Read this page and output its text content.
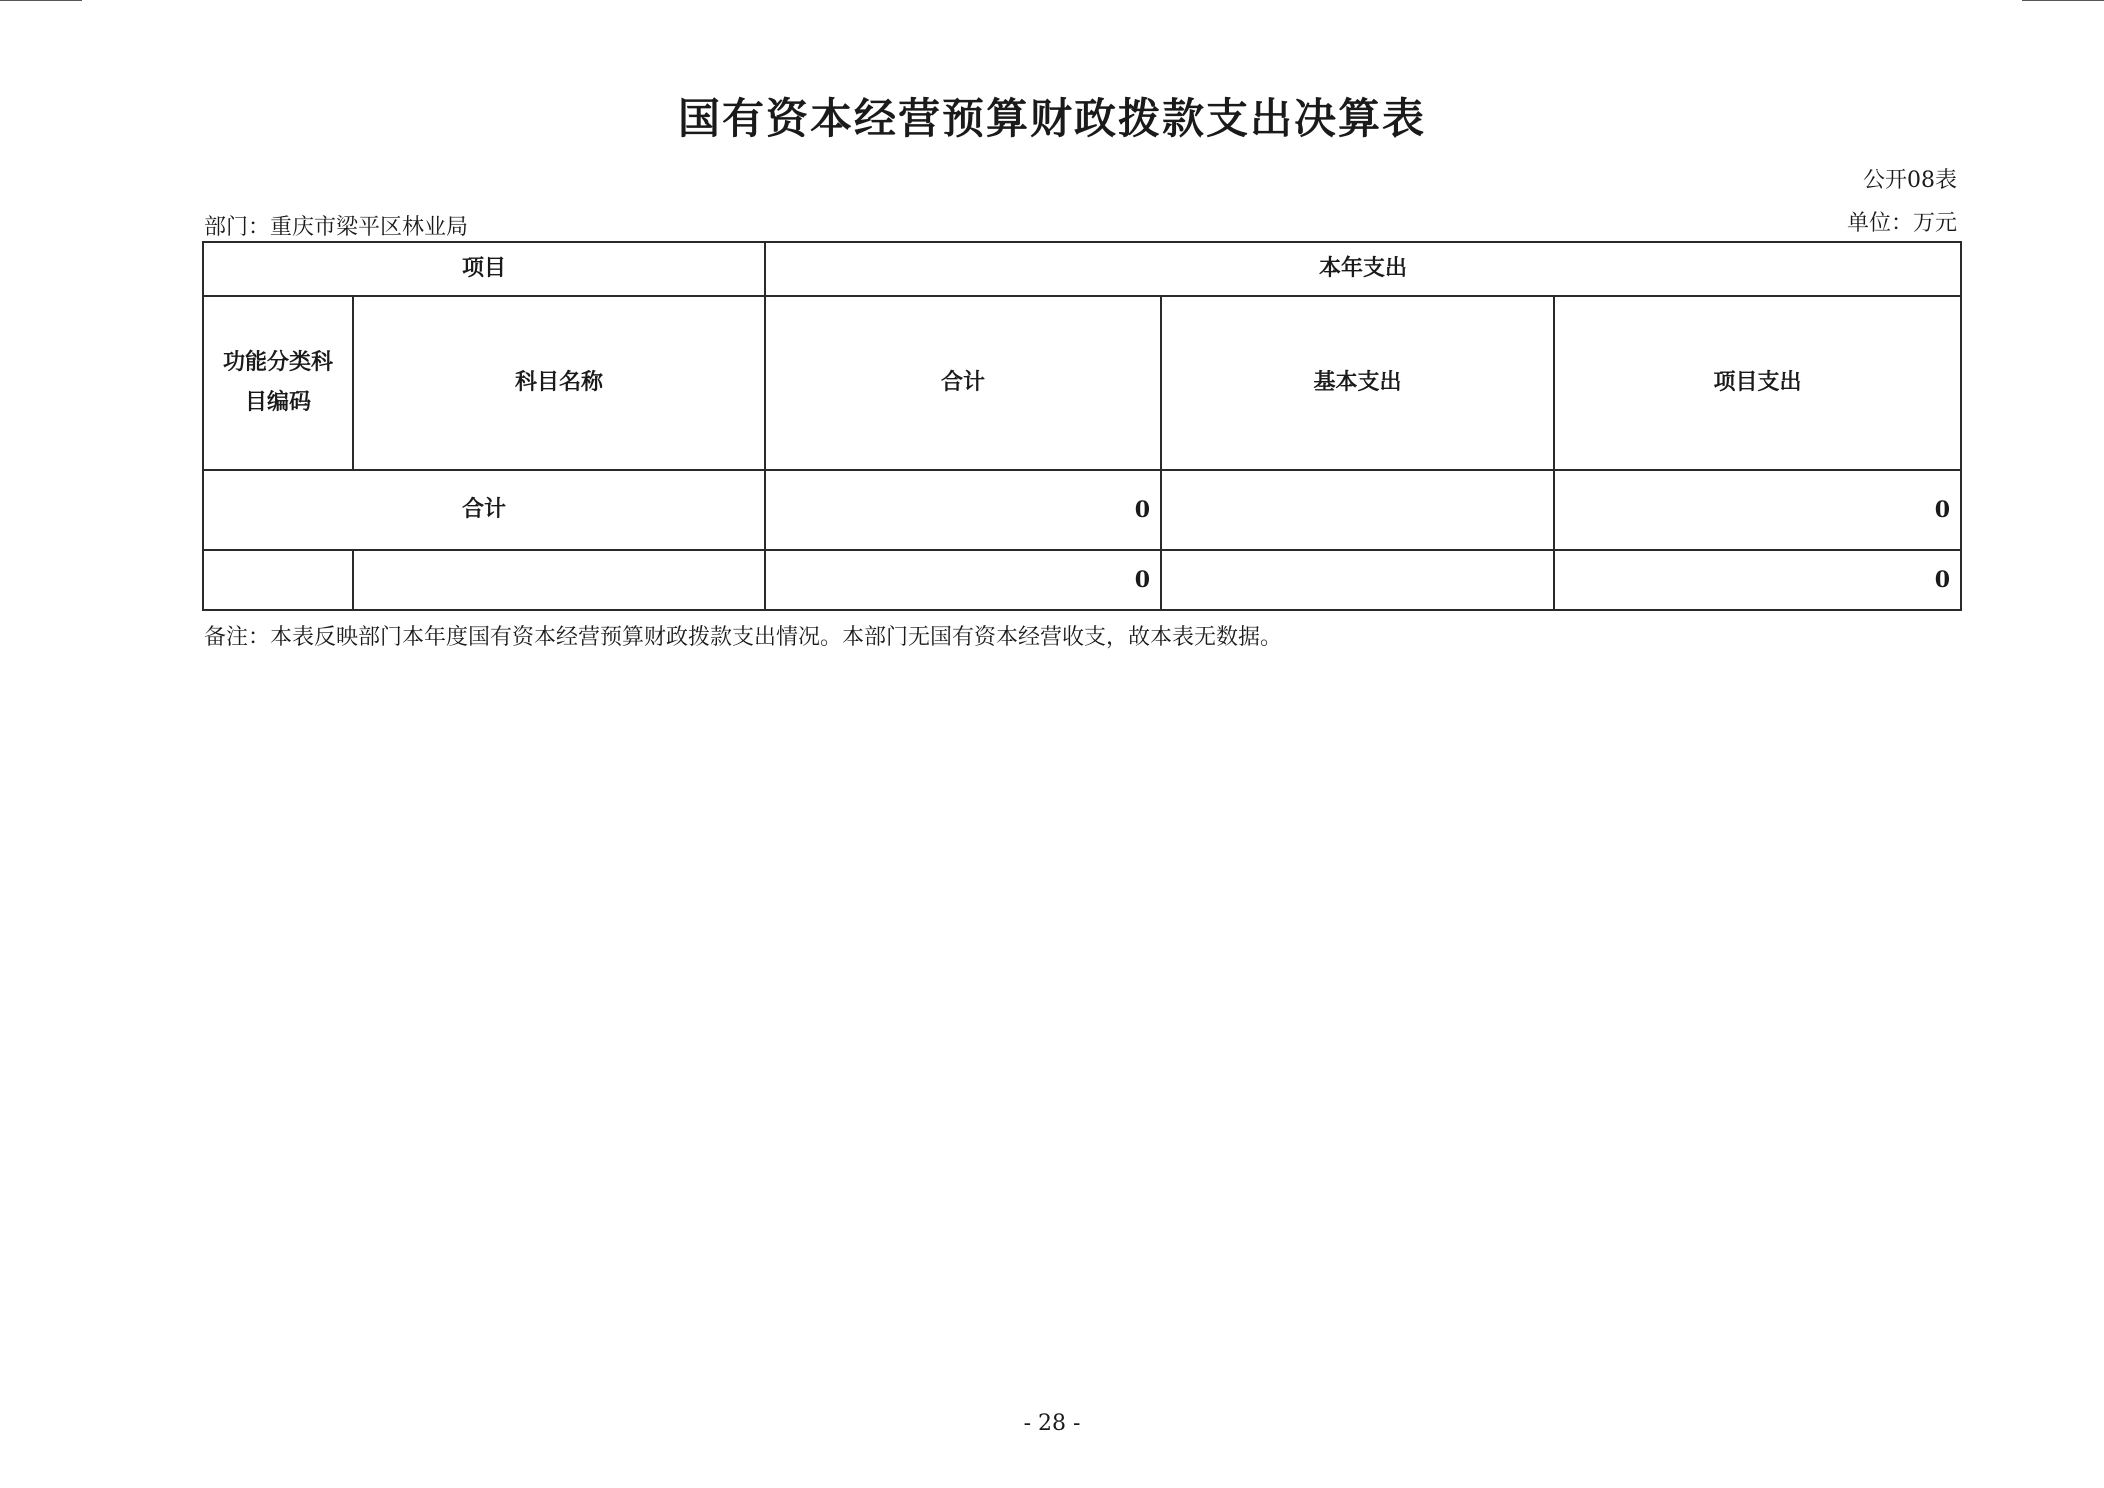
国有资本经营预算财政拨款支出决算表
公开08表
单位：万元
部门：重庆市梁平区林业局
项目		本年支出		
功能分类科目编码	科目名称	合计	基本支出	项目支出
合计		0		0
		0		0
备注：本表反映部门本年度国有资本经营预算财政拨款支出情况。本部门无国有资本经营收支，故本表无数据。
- 28 -
